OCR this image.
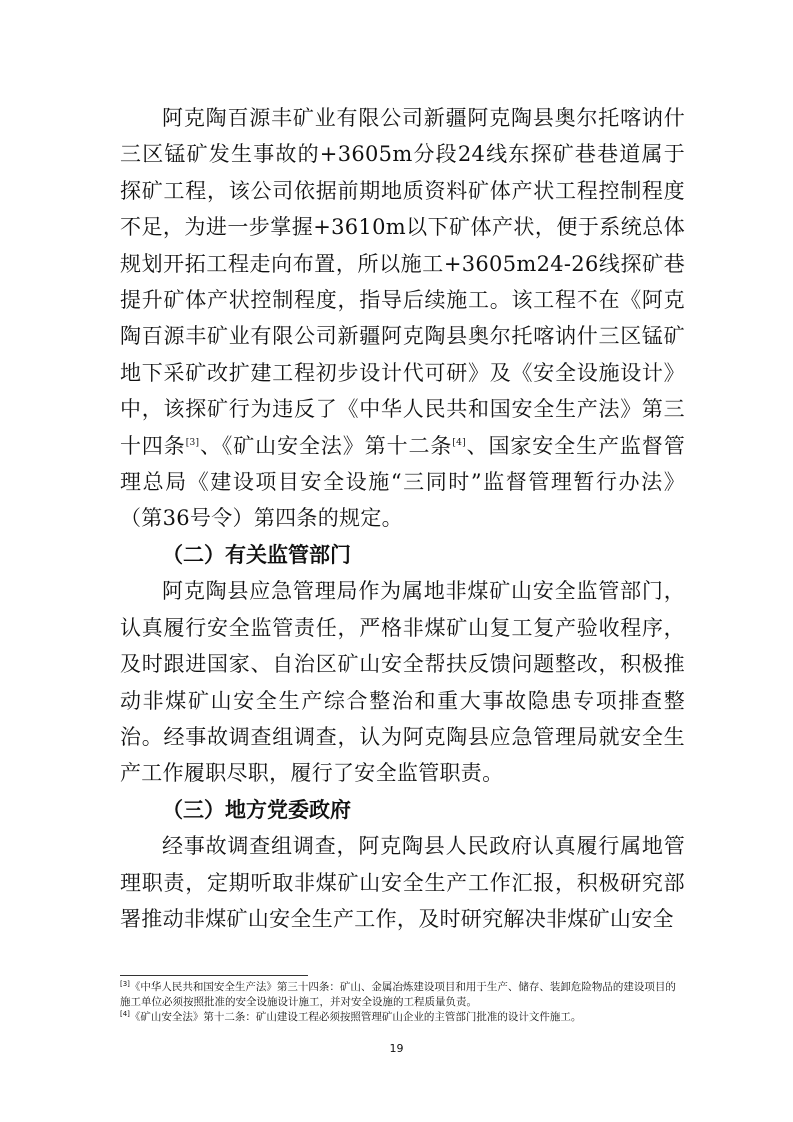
阿克陶百源丰矿业有限公司新疆阿克陶县奥尔托喀讷什三区锰矿发生事故的+3605m分段24线东探矿巷巷道属于探矿工程，该公司依据前期地质资料矿体产状工程控制程度不足，为进一步掌握+3610m以下矿体产状，便于系统总体规划开拓工程走向布置，所以施工+3605m24-26线探矿巷提升矿体产状控制程度，指导后续施工。该工程不在《阿克陶百源丰矿业有限公司新疆阿克陶县奥尔托喀讷什三区锰矿地下采矿改扩建工程初步设计代可研》及《安全设施设计》中，该探矿行为违反了《中华人民共和国安全生产法》第三十四条[3]、《矿山安全法》第十二条[4]、国家安全生产监督管理总局《建设项目安全设施“三同时”监督管理暂行办法》（第36号令）第四条的规定。

（二）有关监管部门

阿克陶县应急管理局作为属地非煤矿山安全监管部门，认真履行安全监管责任，严格非煤矿山复工复产验收程序，及时跟进国家、自治区矿山安全帮扶反馈问题整改，积极推动非煤矿山安全生产综合整治和重大事故隐患专项排查整治。经事故调查组调查，认为阿克陶县应急管理局就安全生产工作履职尽职，履行了安全监管职责。

（三）地方党委政府

经事故调查组调查，阿克陶县人民政府认真履行属地管理职责，定期听取非煤矿山安全生产工作汇报，积极研究部署推动非煤矿山安全生产工作，及时研究解决非煤矿山安全

[3]《中华人民共和国安全生产法》第三十四条：矿山、金属冶炼建设项目和用于生产、储存、装卸危险物品的建设项目的施工单位必须按照批准的安全设施设计施工，并对安全设施的工程质量负责。

[4]《矿山安全法》第十二条：矿山建设工程必须按照管理矿山企业的主管部门批准的设计文件施工。

19
